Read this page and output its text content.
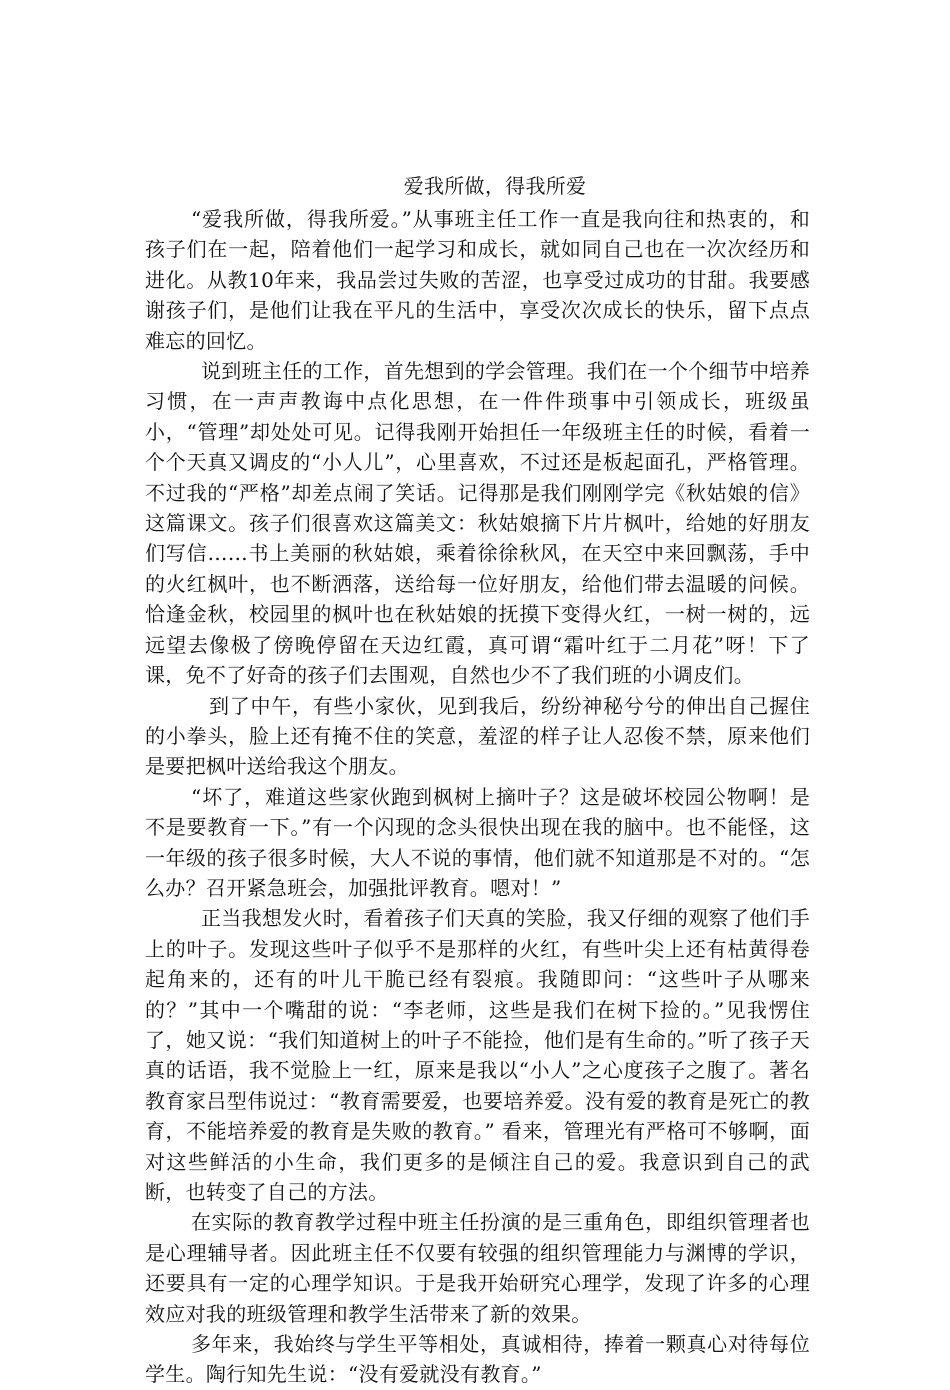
爱我所做，得我所爱

“爱我所做，得我所爱。”从事班主任工作一直是我向往和热衷的，和孩子们在一起，陪着他们一起学习和成长，就如同自己也在一次次经历和进化。从教10年来，我品尝过失败的苦涩，也享受过成功的甘甜。我要感谢孩子们，是他们让我在平凡的生活中，享受次次成长的快乐，留下点点难忘的回忆。

说到班主任的工作，首先想到的学会管理。我们在一个个细节中培养习惯，在一声声教诲中点化思想，在一件件琐事中引领成长，班级虽小，“管理”却处处可见。记得我刚开始担任一年级班主任的时候，看着一个个天真又调皮的“小人儿”，心里喜欢，不过还是板起面孔，严格管理。不过我的“严格”却差点闹了笑话。记得那是我们刚刚学完《秋姑娘的信》这篇课文。孩子们很喜欢这篇美文：秋姑娘摘下片片枫叶，给她的好朋友们写信……书上美丽的秋姑娘，乘着徐徐秋风，在天空中来回飘荡，手中的火红枫叶，也不断洒落，送给每一位好朋友，给他们带去温暖的问候。恰逢金秋，校园里的枫叶也在秋姑娘的抚摸下变得火红，一树一树的，远远望去像极了傍晚停留在天边红霞，真可谓“霜叶红于二月花”呀！下了课，免不了好奇的孩子们去围观，自然也少不了我们班的小调皮们。

到了中午，有些小家伙，见到我后，纷纷神秘兮兮的伸出自己握住的小拳头，脸上还有掩不住的笑意，羞涩的样子让人忍俊不禁，原来他们是要把枫叶送给我这个朋友。

“坏了，难道这些家伙跑到枫树上摘叶子？这是破坏校园公物啊！是不是要教育一下。”有一个闪现的念头很快出现在我的脑中。也不能怪，这一年级的孩子很多时候，大人不说的事情，他们就不知道那是不对的。“怎么办？召开紧急班会，加强批评教育。嗯对！”

正当我想发火时，看着孩子们天真的笑脸，我又仔细的观察了他们手上的叶子。发现这些叶子似乎不是那样的火红，有些叶尖上还有枯黄得卷起角来的，还有的叶儿干脆已经有裂痕。我随即问：“这些叶子从哪来的？”其中一个嘴甜的说：“李老师，这些是我们在树下捡的。”见我愣住了，她又说：“我们知道树上的叶子不能捡，他们是有生命的。”听了孩子天真的话语，我不觉脸上一红，原来是我以“小人”之心度孩子之腹了。著名教育家吕型伟说过：“教育需要爱，也要培养爱。没有爱的教育是死亡的教育，不能培养爱的教育是失败的教育。” 看来，管理光有严格可不够啊，面对这些鲜活的小生命，我们更多的是倾注自己的爱。我意识到自己的武断，也转变了自己的方法。

在实际的教育教学过程中班主任扮演的是三重角色，即组织管理者也是心理辅导者。因此班主任不仅要有较强的组织管理能力与渊博的学识，还要具有一定的心理学知识。于是我开始研究心理学，发现了许多的心理效应对我的班级管理和教学生活带来了新的效果。

多年来，我始终与学生平等相处，真诚相待，捧着一颗真心对待每位学生。陶行知先生说：“没有爱就没有教育。”
